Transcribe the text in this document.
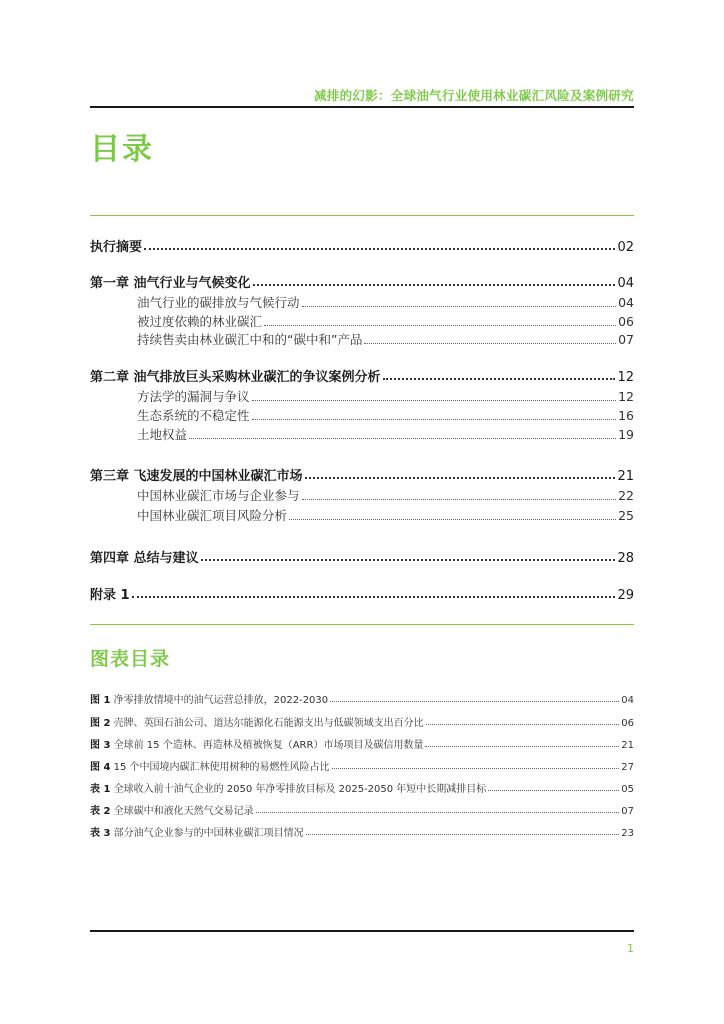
减排的幻影：全球油气行业使用林业碳汇风险及案例研究
目录
执行摘要	02
第一章 油气行业与气候变化	04
油气行业的碳排放与气候行动	04
被过度依赖的林业碳汇	06
持续售卖由林业碳汇中和的“碳中和”产品	07
第二章 油气排放巨头采购林业碳汇的争议案例分析	12
方法学的漏洞与争议	12
生态系统的不稳定性	16
土地权益	19
第三章 飞速发展的中国林业碳汇市场	21
中国林业碳汇市场与企业参与	22
中国林业碳汇项目风险分析	25
第四章 总结与建议	28
附录 1	29
图表目录
图 1 净零排放情境中的油气运营总排放，2022-2030	04
图 2 壳牌、英国石油公司、道达尔能源化石能源支出与低碳领域支出百分比	06
图 3 全球前 15 个造林、再造林及植被恢复（ARR）市场项目及碳信用数量	21
图 4 15 个中国境内碳汇林使用树种的易燃性风险占比	27
表 1 全球收入前十油气企业的 2050 年净零排放目标及 2025-2050 年短中长期减排目标	05
表 2 全球碳中和液化天然气交易记录	07
表 3 部分油气企业参与的中国林业碳汇项目情况	23
1
